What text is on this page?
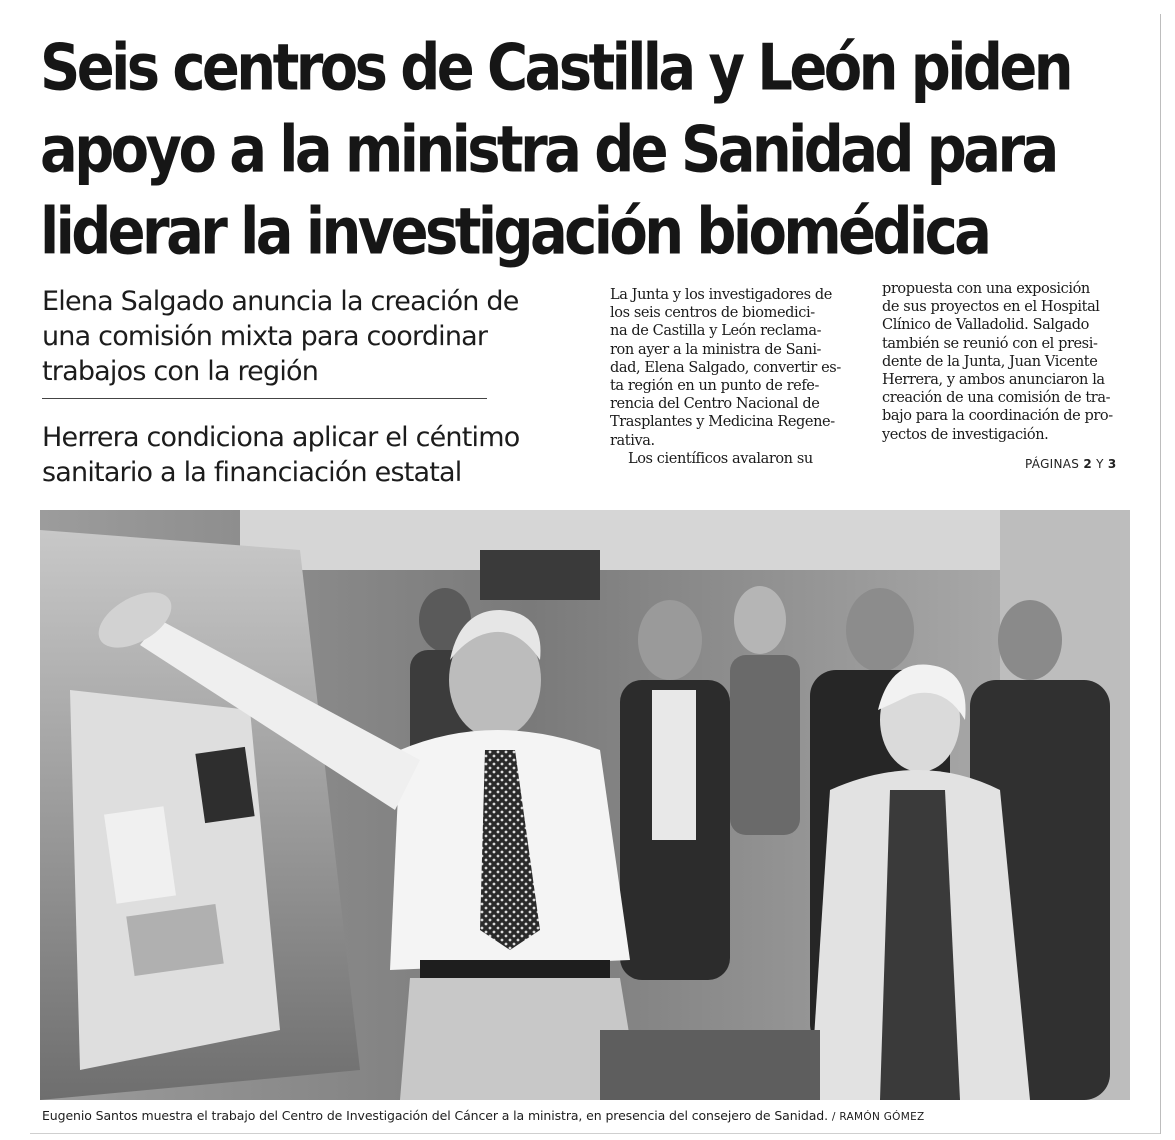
Seis centros de Castilla y León piden
apoyo a la ministra de Sanidad para
liderar la investigación biomédica
Elena Salgado anuncia la creación de
una comisión mixta para coordinar
trabajos con la región
Herrera condiciona aplicar el céntimo
sanitario a la financiación estatal
La Junta y los investigadores de
los seis centros de biomedici-
na de Castilla y León reclama-
ron ayer a la ministra de Sani-
dad, Elena Salgado, convertir es-
ta región en un punto de refe-
rencia del Centro Nacional de
Trasplantes y Medicina Regene-
rativa.
Los científicos avalaron su
propuesta con una exposición
de sus proyectos en el Hospital
Clínico de Valladolid. Salgado
también se reunió con el presi-
dente de la Junta, Juan Vicente
Herrera, y ambos anunciaron la
creación de una comisión de tra-
bajo para la coordinación de pro-
yectos de investigación.
PÁGINAS 2 Y 3
Eugenio Santos muestra el trabajo del Centro de Investigación del Cáncer a la ministra, en presencia del consejero de Sanidad. / RAMÓN GÓMEZ
